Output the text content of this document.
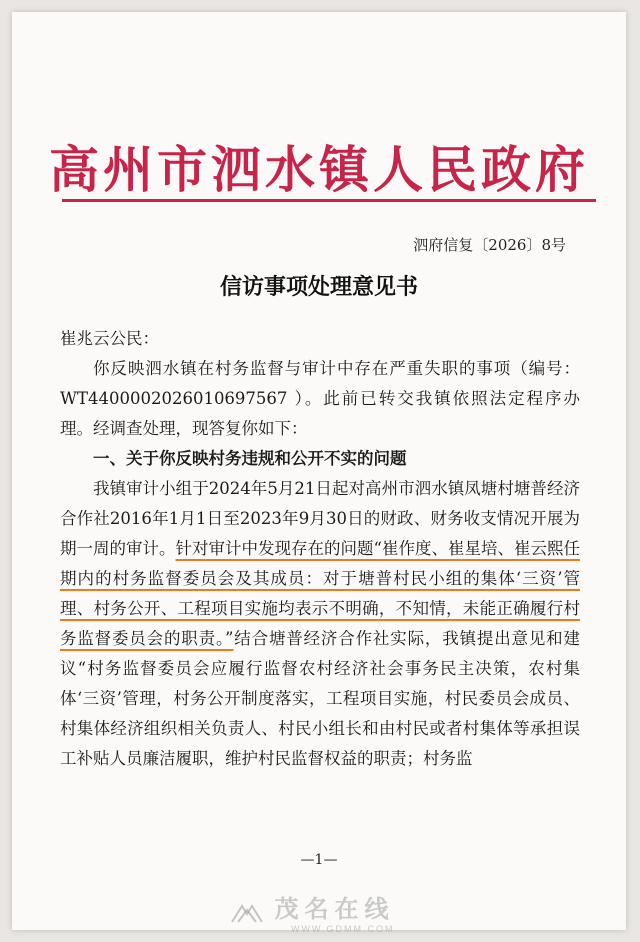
高州市泗水镇人民政府
泗府信复〔2026〕8号
信访事项处理意见书

崔兆云公民：

你反映泗水镇在村务监督与审计中存在严重失职的事项（编号：WT4400002026010697567 ）。此前已转交我镇依照法定程序办理。经调查处理，现答复你如下：

一、关于你反映村务违规和公开不实的问题

我镇审计小组于2024年5月21日起对高州市泗水镇凤塘村塘普经济合作社2016年1月1日至2023年9月30日的财政、财务收支情况开展为期一周的审计。针对审计中发现存在的问题“崔作度、崔星培、崔云熙任期内的村务监督委员会及其成员：对于塘普村民小组的集体‘三资’管理、村务公开、工程项目实施均表示不明确，不知情，未能正确履行村务监督委员会的职责。”结合塘普经济合作社实际，我镇提出意见和建议“村务监督委员会应履行监督农村经济社会事务民主决策，农村集体‘三资’管理，村务公开制度落实，工程项目实施，村民委员会成员、村集体经济组织相关负责人、村民小组长和由村民或者村集体等承担误工补贴人员廉洁履职，维护村民监督权益的职责；村务监

—1—
茂名在线
WWW.GDMM.COM
